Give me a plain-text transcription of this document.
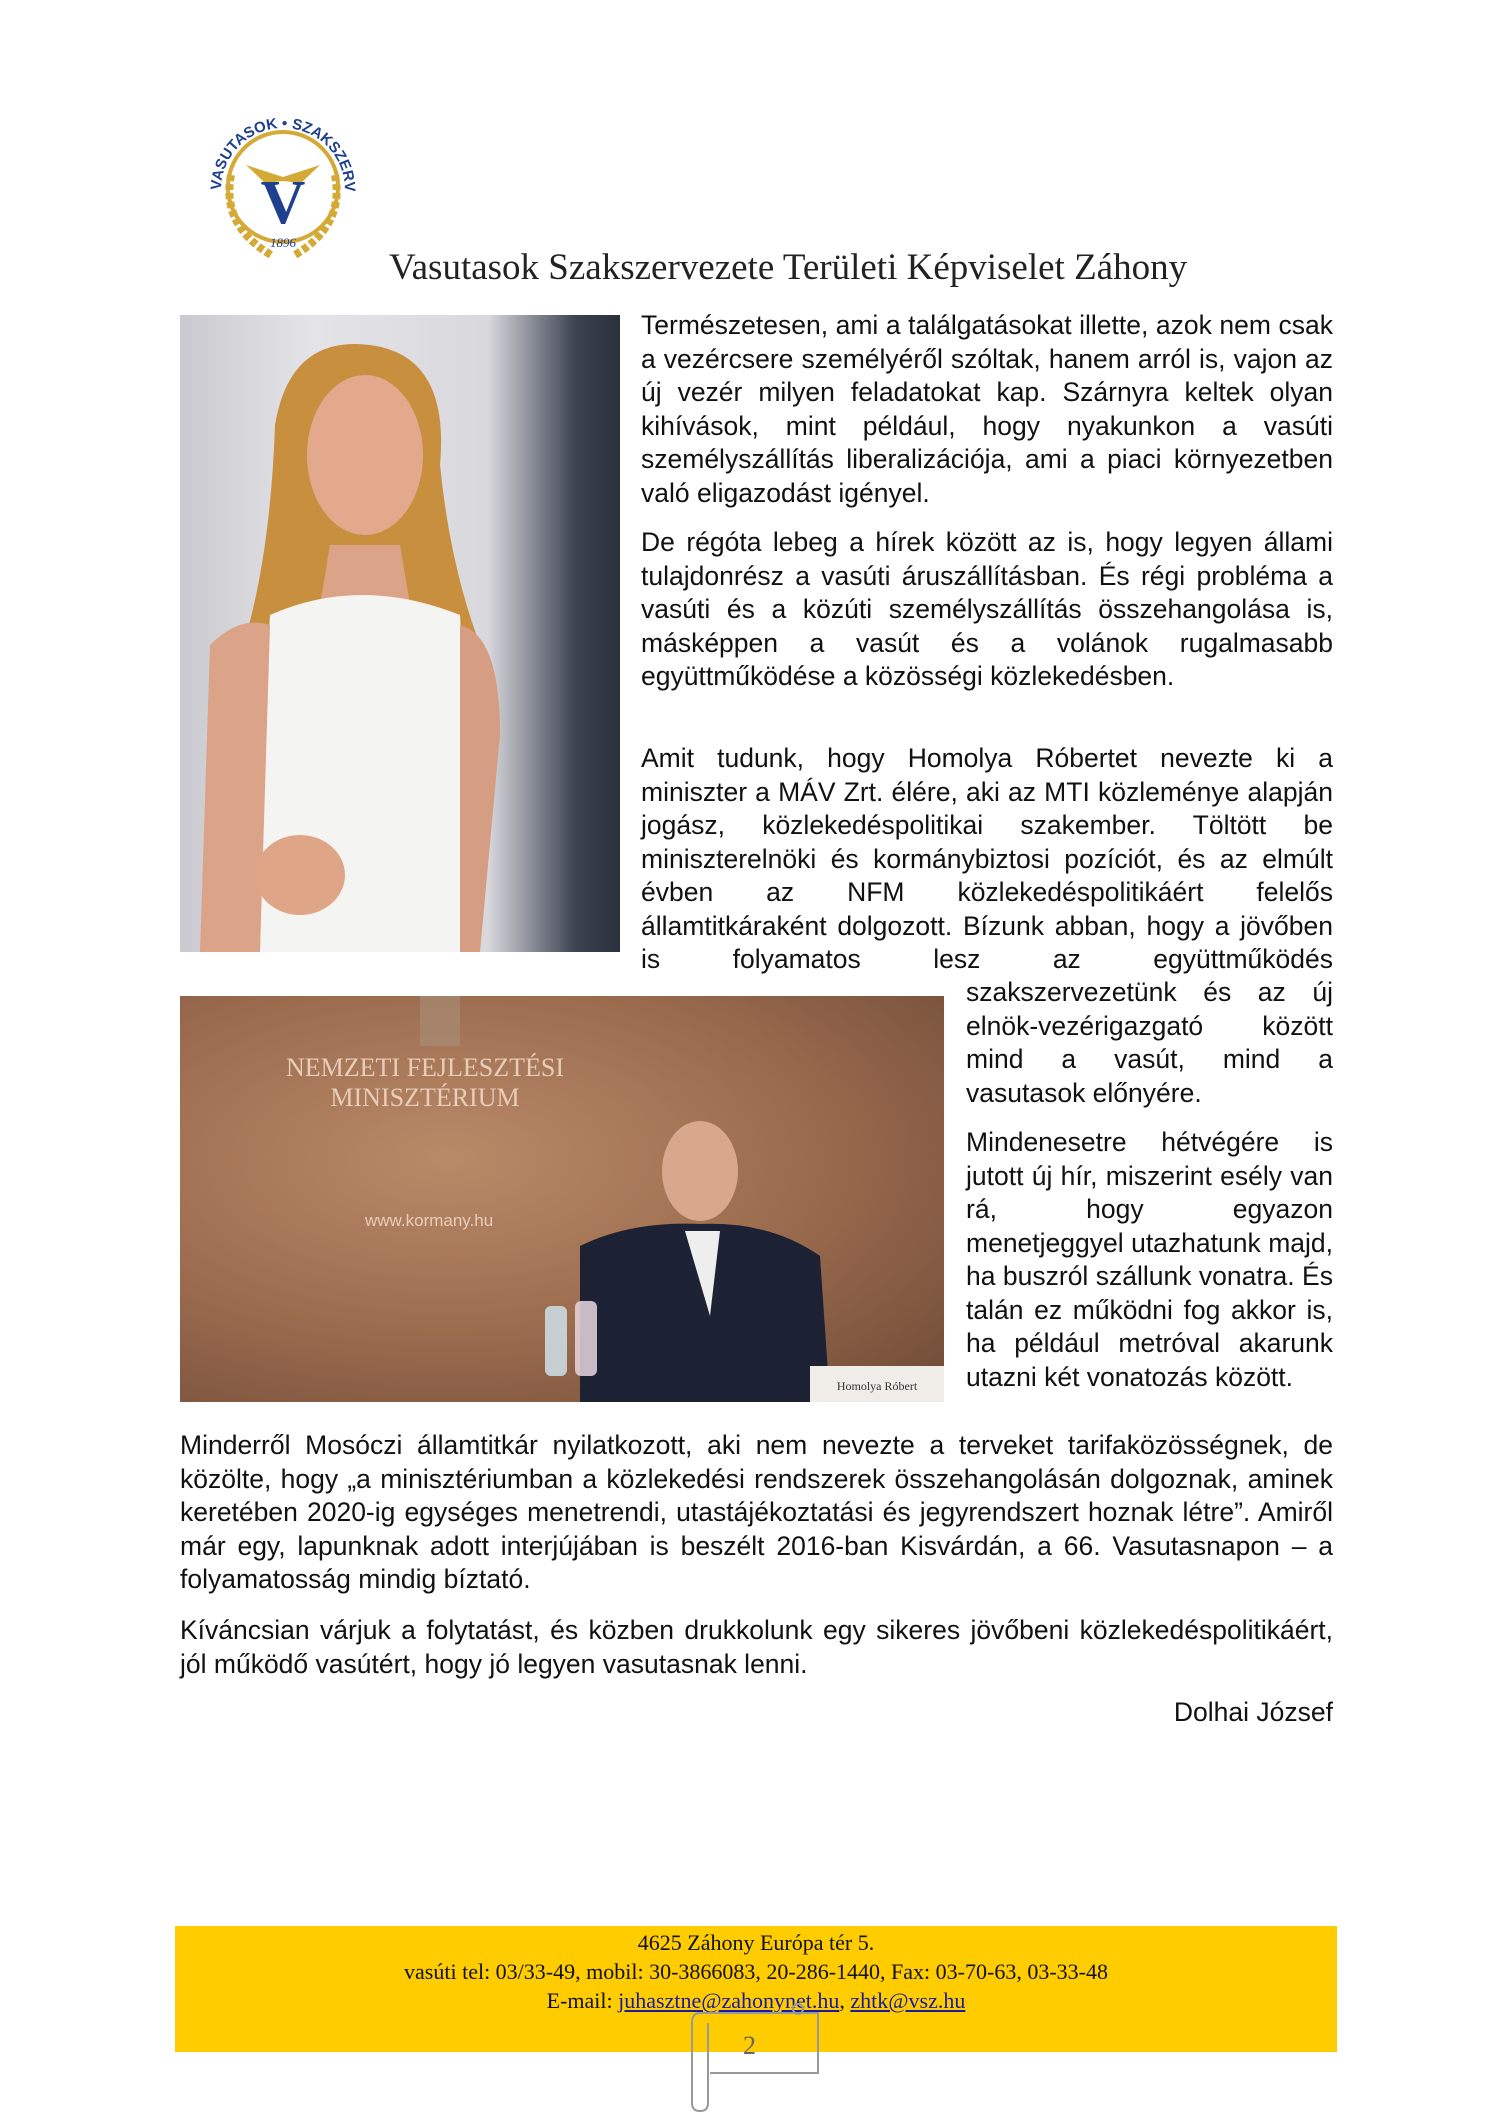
VASUTASOK • SZAKSZERV
V
1896
Vasutasok Szakszervezete Területi Képviselet Záhony

Természetesen, ami a találgatásokat illette, azok nem csak a vezércsere személyéről szóltak, hanem arról is, vajon az új vezér milyen feladatokat kap. Szárnyra keltek olyan kihívások, mint például, hogy nyakunkon a vasúti személyszállítás liberalizációja, ami a piaci környezetben való eligazodást igényel.

De régóta lebeg a hírek között az is, hogy legyen állami tulajdonrész a vasúti áruszállításban. És régi probléma a vasúti és a közúti személyszállítás összehangolása is, másképpen a vasút és a volánok rugalmasabb együttműködése a közösségi közlekedésben.

Amit tudunk, hogy Homolya Róbertet nevezte ki a miniszter a MÁV Zrt. élére, aki az MTI közleménye alapján jogász, közlekedéspolitikai szakember. Töltött be miniszterelnöki és kormánybiztosi pozíciót, és az elmúlt évben az NFM közlekedéspolitikáért felelős államtitkáraként dolgozott. Bízunk abban, hogy a jövőben is folyamatos lesz az együttműködés

NEMZETI FEJLESZTÉSI
MINISZTÉRIUM
www.kormany.hu
Homolya Róbert

szakszervezetünk és az új elnök-vezérigazgató között mind a vasút, mind a vasutasok előnyére.

Mindenesetre hétvégére is jutott új hír, miszerint esély van rá, hogy egyazon menetjeggyel utazhatunk majd, ha buszról szállunk vonatra. És talán ez működni fog akkor is, ha például metróval akarunk utazni két vonatozás között.

Minderről Mosóczi államtitkár nyilatkozott, aki nem nevezte a terveket tarifaközösségnek, de közölte, hogy „a minisztériumban a közlekedési rendszerek összehangolásán dolgoznak, aminek keretében 2020-ig egységes menetrendi, utastájékoztatási és jegyrendszert hoznak létre”. Amiről már egy, lapunknak adott interjújában is beszélt 2016-ban Kisvárdán, a 66. Vasutasnapon – a folyamatosság mindig bíztató.

Kíváncsian várjuk a folytatást, és közben drukkolunk egy sikeres jövőbeni közlekedéspolitikáért, jól működő vasútért, hogy jó legyen vasutasnak lenni.

Dolhai József

4625 Záhony Európa tér 5.
vasúti tel: 03/33-49, mobil: 30-3866083, 20-286-1440, Fax: 03-70-63, 03-33-48
E-mail: juhasztne@zahonynet.hu, zhtk@vsz.hu
2
